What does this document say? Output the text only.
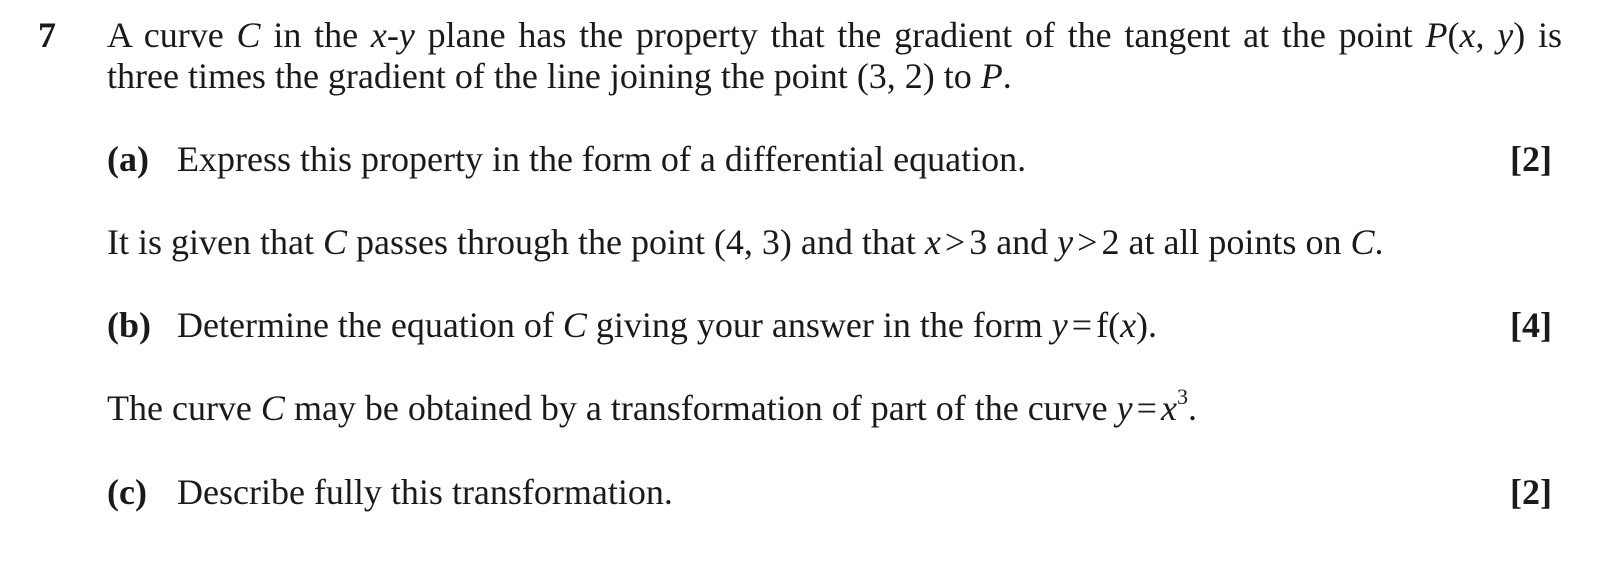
7 A curve C in the x-y plane has the property that the gradient of the tangent at the point P(x, y) is
three times the gradient of the line joining the point (3, 2) to P.
(a) Express this property in the form of a differential equation.	[2]
It is given that C passes through the point (4, 3) and that x > 3 and y > 2 at all points on C.
(b) Determine the equation of C giving your answer in the form y = f(x).	[4]
The curve C may be obtained by a transformation of part of the curve $y = x^3$.
(c) Describe fully this transformation.	[2]
